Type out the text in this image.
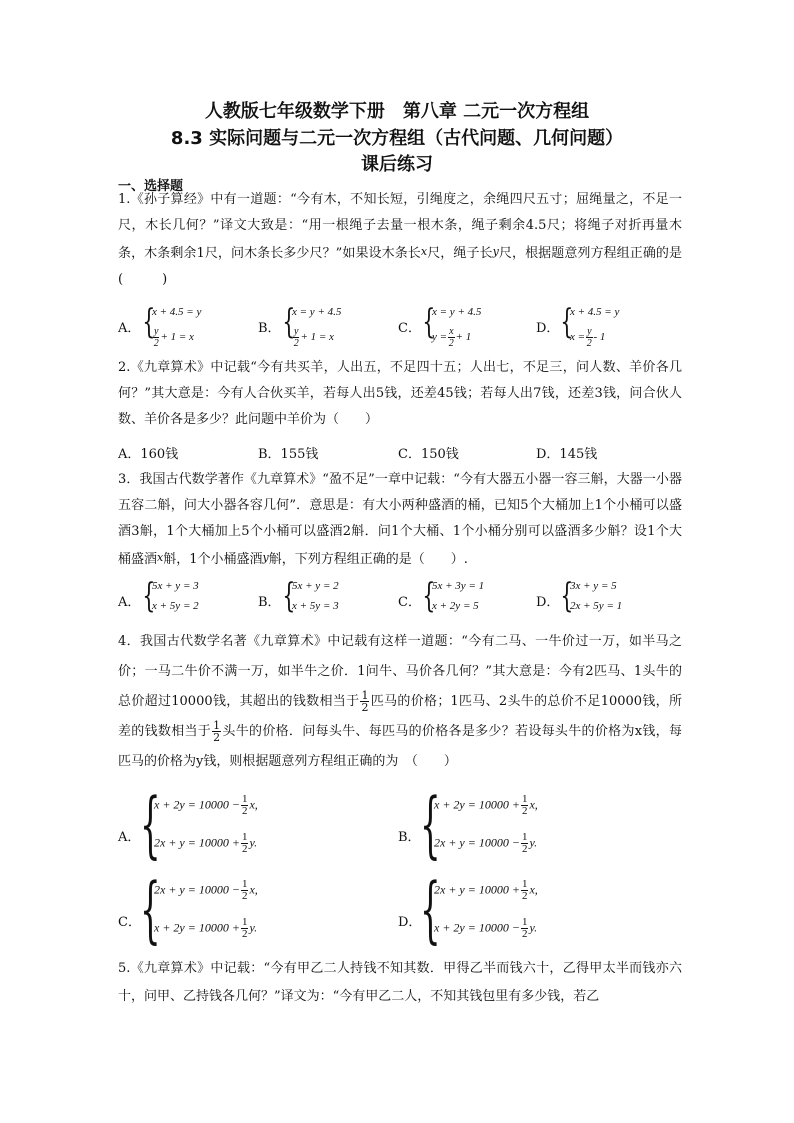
人教版七年级数学下册　第八章 二元一次方程组
8.3 实际问题与二元一次方程组（古代问题、几何问题）
课后练习
一、选择题
1.《孙子算经》中有一道题：“今有木，不知长短，引绳度之，余绳四尺五寸；屈绳量之，不足一尺，木长几何？”译文大致是：“用一根绳子去量一根木条，绳子剩余4.5尺；将绳子对折再量木条，木条剩余1尺，问木条长多少尺？”如果设木条长x尺，绳子长y尺，根据题意列方程组正确的是(　　　)
A． {
x + 4.5 = y
$\frac{y}{2} + 1 = x$
B． {
x = y + 4.5
$\frac{y}{2} + 1 = x$
C． {
x = y + 4.5
$y = \frac{x}{2} + 1$
D． {
x + 4.5 = y
$x = \frac{y}{2} - 1$
2.《九章算术》中记载“今有共买羊，人出五，不足四十五；人出七，不足三，问人数、羊价各几何？”其大意是：今有人合伙买羊，若每人出5钱，还差45钱；若每人出7钱，还差3钱，问合伙人数、羊价各是多少？此问题中羊价为（　　）
A．160钱	B．155钱	C．150钱	D．145钱
3．我国古代数学著作《九章算术》“盈不足”一章中记载：“今有大器五小器一容三斛，大器一小器五容二斛，问大小器各容几何”．意思是：有大小两种盛酒的桶，已知5个大桶加上1个小桶可以盛酒3斛，1个大桶加上5个小桶可以盛酒2斛．问1个大桶、1个小桶分别可以盛酒多少斛？设1个大桶盛酒x斛，1个小桶盛酒y斛，下列方程组正确的是（　　）.
A． {
5x + y = 3
x + 5y = 2	B． {
5x + y = 2
x + 5y = 3	C． {
5x + 3y = 1
x + 2y = 5	D． {
3x + y = 5
2x + 5y = 1
4．我国古代数学名著《九章算术》中记载有这样一道题：“今有二马、一牛价过一万，如半马之价；一马二牛价不满一万，如半牛之价．1问牛、马价各几何？”其大意是：今有2匹马、1头牛的总价超过10000钱，其超出的钱数相当于 $\frac{1}{2}$ 匹马的价格；1匹马、2头牛的总价不足10000钱，所差的钱数相当于 $\frac{1}{2}$ 头牛的价格．问每头牛、每匹马的价格各是多少？若设每头牛的价格为x钱，每匹马的价格为y钱，则根据题意列方程组正确的为　（　　）
A． {
$x + 2y = 10000 - \frac{1}{2} x$,
$2x + y = 10000 + \frac{1}{2} y$.	B． {
$x + 2y = 10000 + \frac{1}{2} x$,
$2x + y = 10000 - \frac{1}{2} y$.
C． {
$2x + y = 10000 - \frac{1}{2} x$,
$x + 2y = 10000 + \frac{1}{2} y$.	D．
{
$2x + y = 10000 + \frac{1}{2} x$,
$x + 2y = 10000 - \frac{1}{2} y$.
5.《九章算术》中记载：“今有甲乙二人持钱不知其数．甲得乙半而钱六十，乙得甲太半而钱亦六十，问甲、乙持钱各几何？”译文为：“今有甲乙二人，不知其钱包里有多少钱，若乙
